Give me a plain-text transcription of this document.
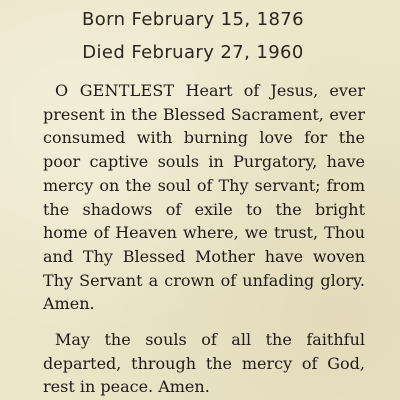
Born February 15, 1876
Died February 27, 1960
O GENTLEST Heart of Jesus, ever present in the Blessed Sacrament, ever consumed with burning love for the poor captive souls in Purgatory, have mercy on the soul of Thy servant; from the shadows of exile to the bright home of Heaven where, we trust, Thou and Thy Blessed Mother have woven Thy Servant a crown of unfading glory. Amen.
May the souls of all the faithful departed, through the mercy of God, rest in peace. Amen.
